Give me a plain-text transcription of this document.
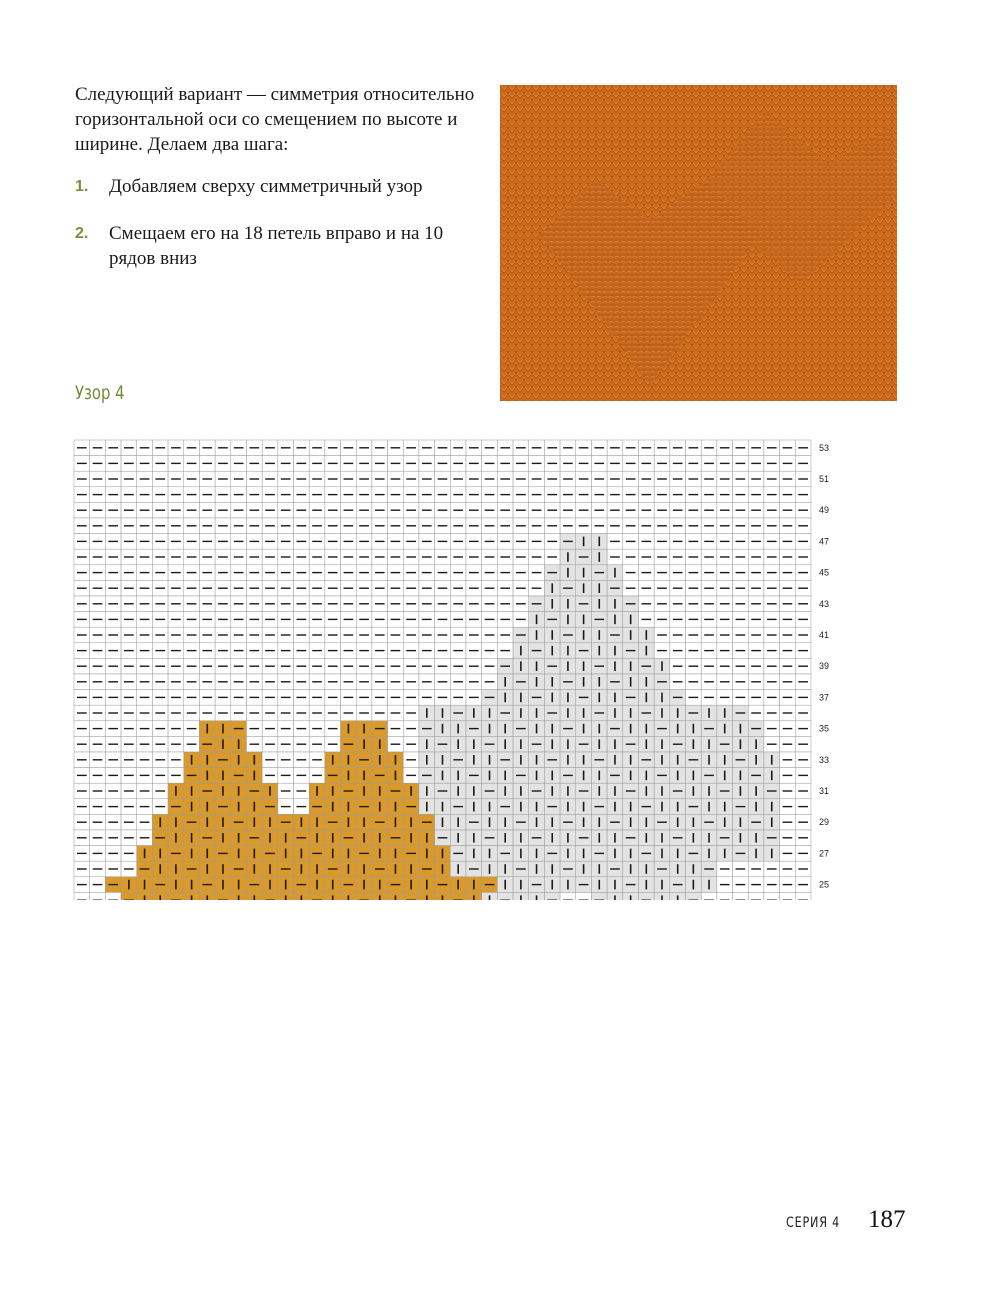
Следующий вариант — симметрия относительно горизонтальной оси со смещением по высоте и ширине. Делаем два шага:

1.	Добавляем сверху симметричный узор
2.	Смещаем его на 18 петель вправо и на 10 рядов вниз
Узор 4
53
51
49
47
45
43
41
39
37
35
33
31
29
27
25
СЕРИЯ 4 187
